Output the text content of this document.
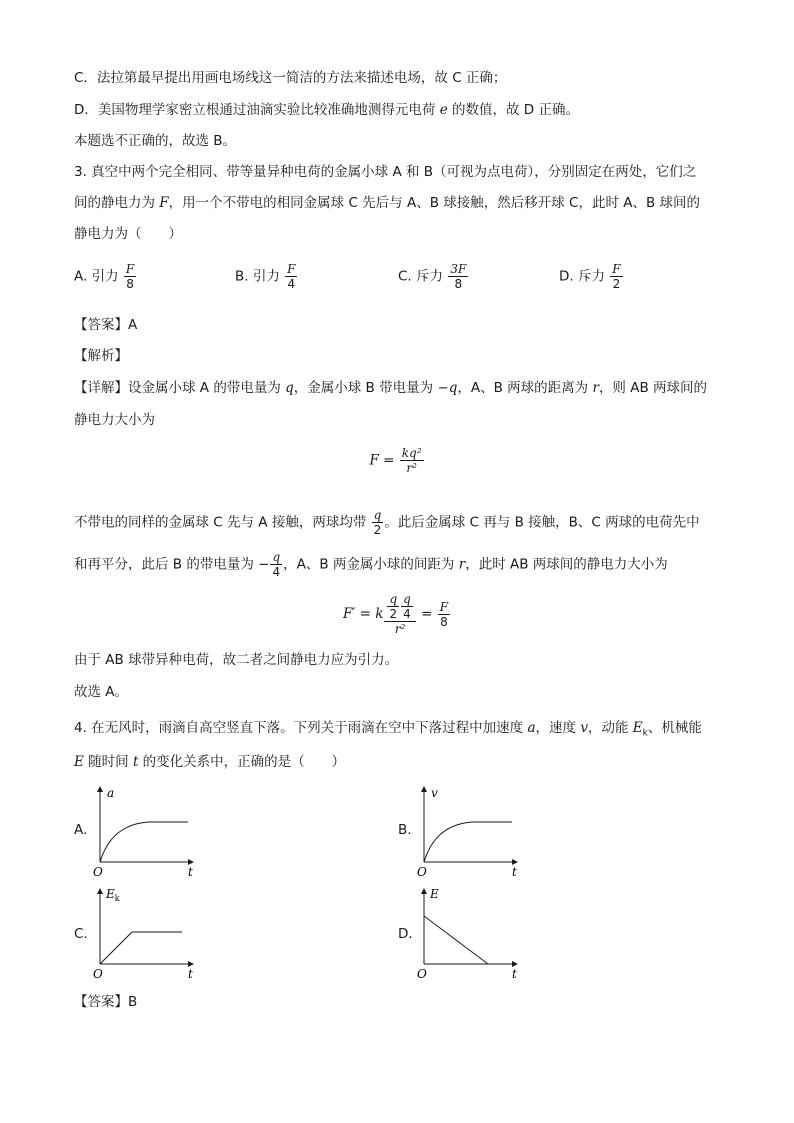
C．法拉第最早提出用画电场线这一简洁的方法来描述电场，故 C 正确；
D．美国物理学家密立根通过油滴实验比较准确地测得元电荷 e 的数值，故 D 正确。
本题选不正确的，故选 B。
3. 真空中两个完全相同、带等量异种电荷的金属小球 A 和 B（可视为点电荷），分别固定在两处，它们之
间的静电力为 F，用一个不带电的相同金属球 C 先后与 A、B 球接触，然后移开球 C，此时 A、B 球间的
静电力为（　　）
A. 引力 $\frac{F}{8}$	B. 引力 $\frac{F}{4}$	C. 斥力 $\frac{3F}{8}$	D. 斥力 $\frac{F}{2}$
【答案】A
【解析】
【详解】设金属小球 A 的带电量为 q，金属小球 B 带电量为 −q，A、B 两球的距离为 r，则 AB 两球间的
静电力大小为
$F = \frac{\text{kq²}}{\text{r²}}$
不带电的同样的金属球 C 先与 A 接触，两球均带 $\frac{q}{2}$ 。此后金属球 C 再与 B 接触，B、C 两球的电荷先中
和再平分，此后 B 的带电量为 − $\frac{q}{4}$ ，A、B 两金属小球的间距为 r，此时 AB 两球间的静电力大小为
F′ = k $\frac{\frac{q}{2} \frac{q}{4}}{\text{r²}} = \frac{F}{8}$
由于 AB 球带异种电荷，故二者之间静电力应为引力。
故选 A。
4. 在无风时，雨滴自高空竖直下落。下列关于雨滴在空中下落过程中加速度 a，速度 v，动能 $E_k$、机械能
E 随时间 t 的变化关系中，正确的是（　　）
A.
a
t
O
B.
v
t
O
C.
$E_k$
t
O
D.
E
t
O
【答案】B
